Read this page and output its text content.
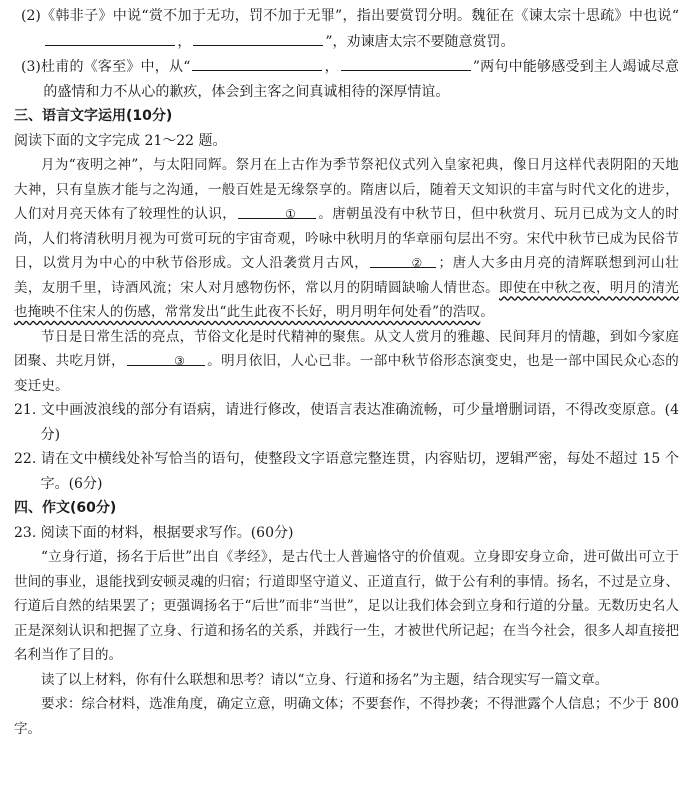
(2)《韩非子》中说“赏不加于无功，罚不加于无罪”，指出要赏罚分明。魏征在《谏太宗十思疏》中也说“，	”，劝谏唐太宗不要随意赏罚。

(3)杜甫的《客至》中，从“	，	”两句中能够感受到主人竭诚尽意的盛情和力不从心的歉疚，体会到主客之间真诚相待的深厚情谊。

三、语言文字运用(10分)

阅读下面的文字完成 21～22 题。

月为“夜明之神”，与太阳同辉。祭月在上古作为季节祭祀仪式列入皇家祀典，像日月这样代表阴阳的天地大神，只有皇族才能与之沟通，一般百姓是无缘祭享的。隋唐以后，随着天文知识的丰富与时代文化的进步，人们对月亮天体有了较理性的认识，	① 。唐朝虽没有中秋节日，但中秋赏月、玩月已成为文人的时尚，人们将清秋明月视为可赏可玩的宇宙奇观，吟咏中秋明月的华章丽句层出不穷。宋代中秋节已成为民俗节日，以赏月为中心的中秋节俗形成。文人沿袭赏月古风，	② ；唐人大多由月亮的清辉联想到河山壮美，友朋千里，诗酒风流；宋人对月感物伤怀，常以月的阴晴圆缺喻人情世态。即使在中秋之夜，明月的清光也掩映不住宋人的伤感，常常发出“此生此夜不长好，明月明年何处看”的浩叹。

节日是日常生活的亮点，节俗文化是时代精神的聚焦。从文人赏月的雅趣、民间拜月的情趣，到如今家庭团聚、共吃月饼，	③ 。明月依旧，人心已非。一部中秋节俗形态演变史，也是一部中国民众心态的变迁史。

21. 文中画波浪线的部分有语病，请进行修改，使语言表达准确流畅，可少量增删词语，不得改变原意。(4分)

22. 请在文中横线处补写恰当的语句，使整段文字语意完整连贯，内容贴切，逻辑严密，每处不超过 15 个字。(6分)

四、作文(60分)

23. 阅读下面的材料，根据要求写作。(60分)

“立身行道，扬名于后世”出自《孝经》，是古代士人普遍恪守的价值观。立身即安身立命，进可做出可立于世间的事业，退能找到安顿灵魂的归宿；行道即坚守道义、正道直行，做于公有利的事情。扬名，不过是立身、行道后自然的结果罢了；更强调扬名于“后世”而非“当世”，足以让我们体会到立身和行道的分量。无数历史名人正是深刻认识和把握了立身、行道和扬名的关系，并践行一生，才被世代所记起；在当今社会，很多人却直接把名利当作了目的。

读了以上材料，你有什么联想和思考？请以“立身、行道和扬名”为主题，结合现实写一篇文章。

要求：综合材料，选准角度，确定立意，明确文体；不要套作，不得抄袭；不得泄露个人信息；不少于 800 字。
